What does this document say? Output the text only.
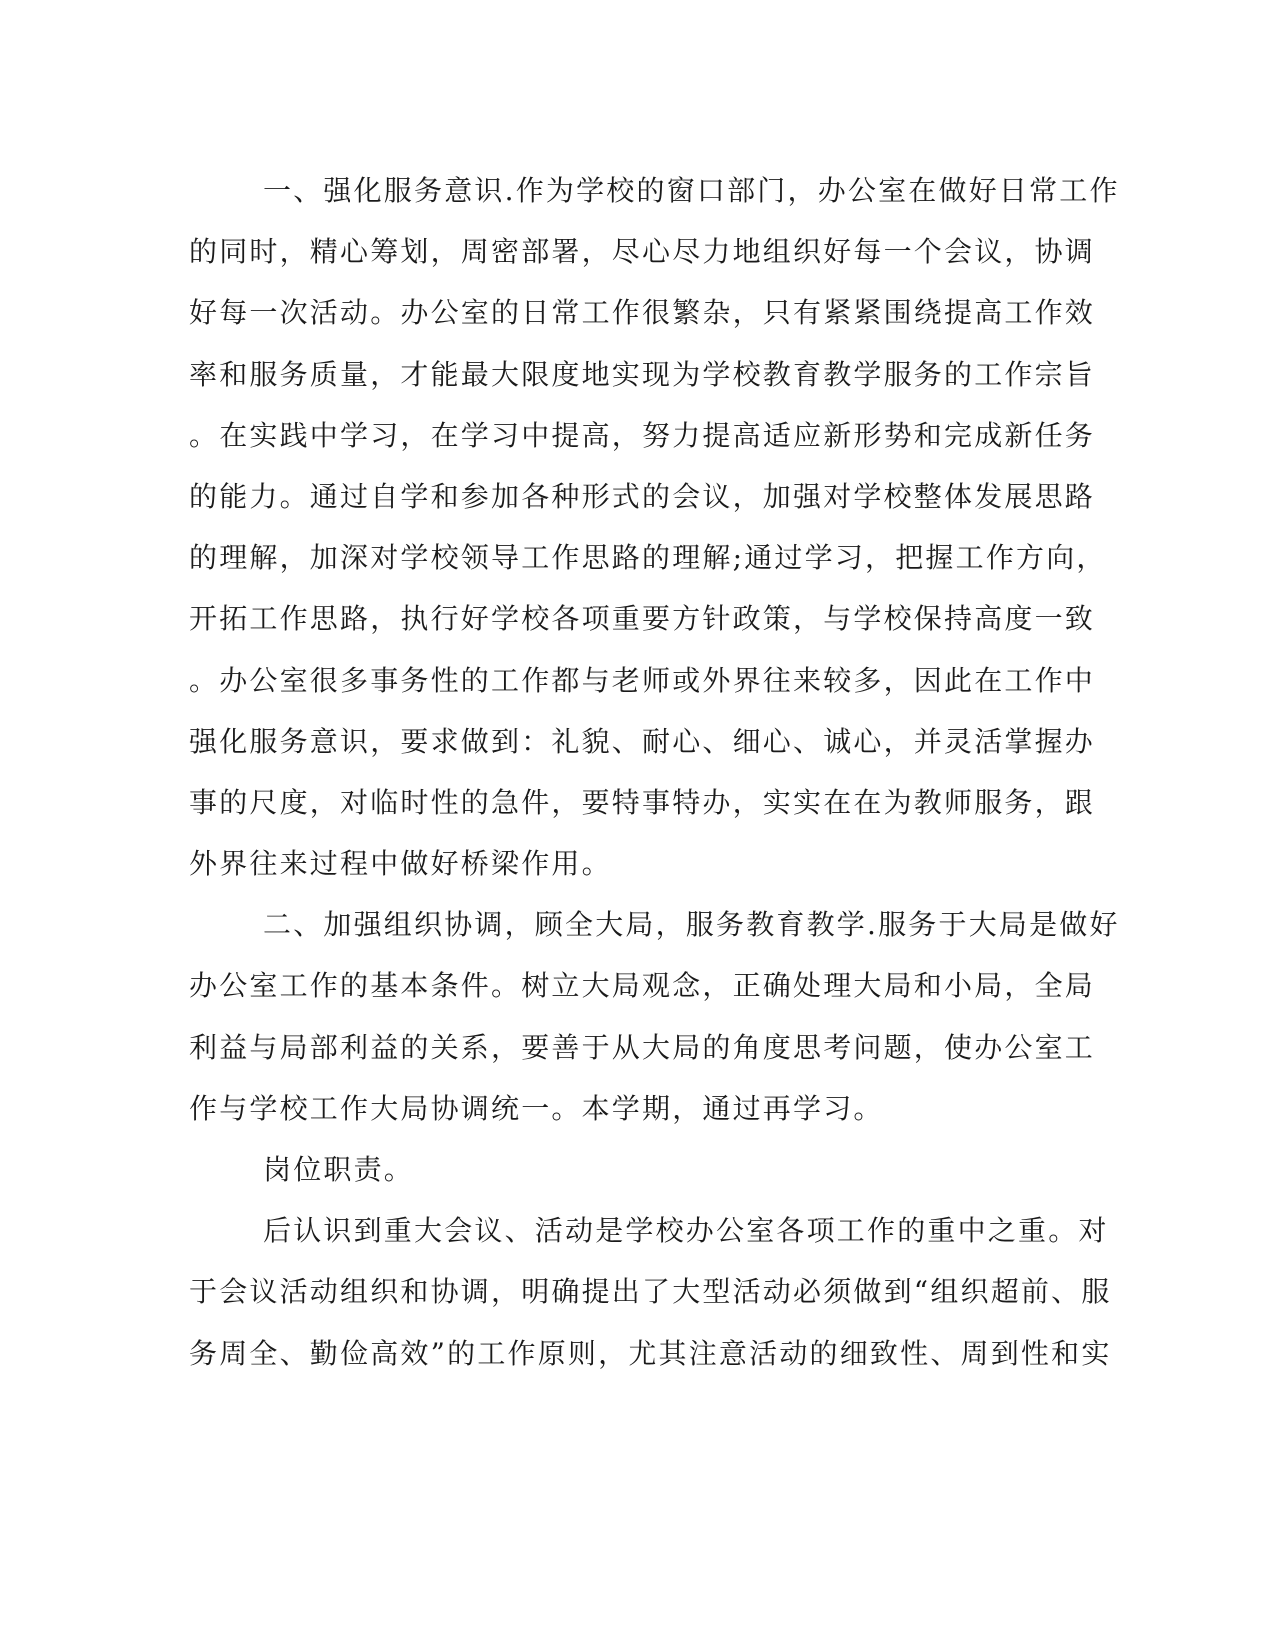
一、强化服务意识.作为学校的窗口部门，办公室在做好日常工作
的同时，精心筹划，周密部署，尽心尽力地组织好每一个会议，协调
好每一次活动。办公室的日常工作很繁杂，只有紧紧围绕提高工作效
率和服务质量，才能最大限度地实现为学校教育教学服务的工作宗旨
。在实践中学习，在学习中提高，努力提高适应新形势和完成新任务
的能力。通过自学和参加各种形式的会议，加强对学校整体发展思路
的理解，加深对学校领导工作思路的理解;通过学习，把握工作方向，
开拓工作思路，执行好学校各项重要方针政策，与学校保持高度一致
。办公室很多事务性的工作都与老师或外界往来较多，因此在工作中
强化服务意识，要求做到：礼貌、耐心、细心、诚心，并灵活掌握办
事的尺度，对临时性的急件，要特事特办，实实在在为教师服务，跟
外界往来过程中做好桥梁作用。
二、加强组织协调，顾全大局，服务教育教学.服务于大局是做好
办公室工作的基本条件。树立大局观念，正确处理大局和小局，全局
利益与局部利益的关系，要善于从大局的角度思考问题，使办公室工
作与学校工作大局协调统一。本学期，通过再学习。
岗位职责。
后认识到重大会议、活动是学校办公室各项工作的重中之重。对
于会议活动组织和协调，明确提出了大型活动必须做到“组织超前、服
务周全、勤俭高效”的工作原则，尤其注意活动的细致性、周到性和实
